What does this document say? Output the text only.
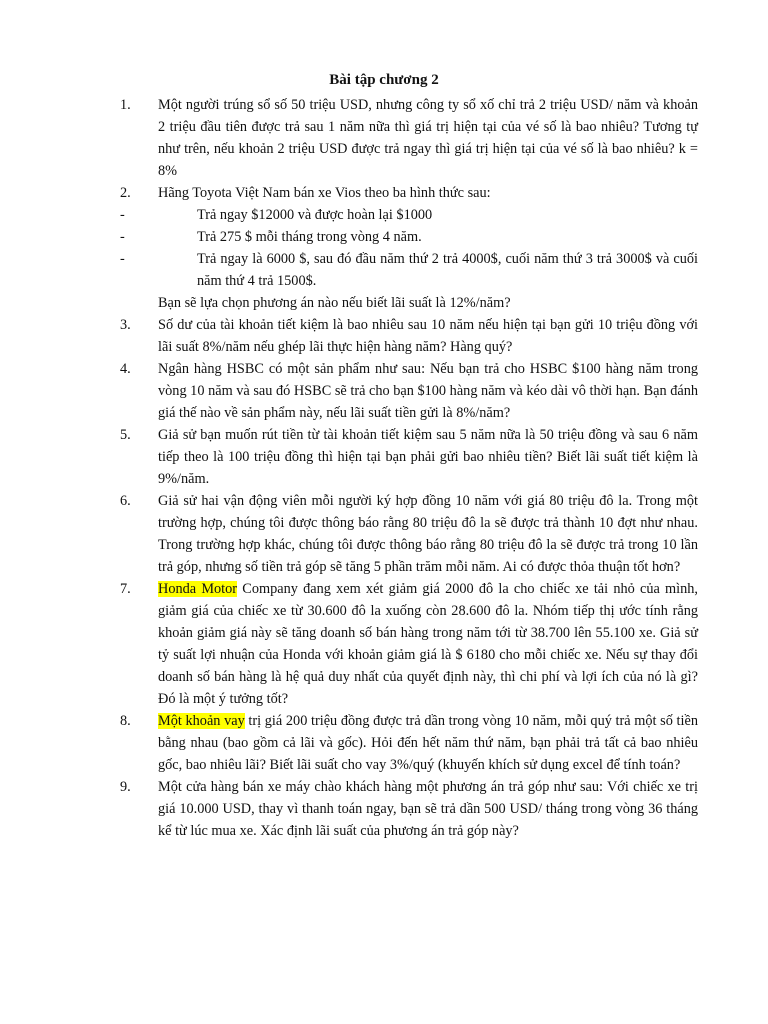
Bài tập chương 2
1.	Một người trúng sổ số 50 triệu USD, nhưng công ty sổ xố chỉ trả 2 triệu USD/ năm và khoản 2 triệu đầu tiên được trả sau 1 năm nữa thì giá trị hiện tại của vé số là bao nhiêu? Tương tự như trên, nếu khoản 2 triệu USD được trả ngay thì giá trị hiện tại của vé số là bao nhiêu? k = 8%
2.	Hãng Toyota Việt Nam bán xe Vios theo ba hình thức sau:
-	Trả ngay $12000 và được hoàn lại $1000
-	Trả 275 $ mỗi tháng trong vòng 4 năm.
-	Trả ngay là 6000 $, sau đó đầu năm thứ 2 trả 4000$, cuối năm thứ 3 trả 3000$ và cuối năm thứ 4 trả 1500$.
Bạn sẽ lựa chọn phương án nào nếu biết lãi suất là 12%/năm?
3.	Số dư của tài khoản tiết kiệm là bao nhiêu sau 10 năm nếu hiện tại bạn gửi 10 triệu đồng với lãi suất 8%/năm nếu ghép lãi thực hiện hàng năm? Hàng quý?
4.	Ngân hàng HSBC có một sản phẩm như sau: Nếu bạn trả cho HSBC $100 hàng năm trong vòng 10 năm và sau đó HSBC sẽ trả cho bạn $100 hàng năm và kéo dài vô thời hạn. Bạn đánh giá thế nào về sản phẩm này, nếu lãi suất tiền gửi là 8%/năm?
5.	Giả sử bạn muốn rút tiền từ tài khoản tiết kiệm sau 5 năm nữa là 50 triệu đồng và sau 6 năm tiếp theo là 100 triệu đồng thì hiện tại bạn phải gửi bao nhiêu tiền? Biết lãi suất tiết kiệm là 9%/năm.
6.	Giả sử hai vận động viên mỗi người ký hợp đồng 10 năm với giá 80 triệu đô la. Trong một trường hợp, chúng tôi được thông báo rằng 80 triệu đô la sẽ được trả thành 10 đợt như nhau. Trong trường hợp khác, chúng tôi được thông báo rằng 80 triệu đô la sẽ được trả trong 10 lần trả góp, nhưng số tiền trả góp sẽ tăng 5 phần trăm mỗi năm. Ai có được thỏa thuận tốt hơn?
7.	Honda Motor Company đang xem xét giảm giá 2000 đô la cho chiếc xe tải nhỏ của mình, giảm giá của chiếc xe từ 30.600 đô la xuống còn 28.600 đô la. Nhóm tiếp thị ước tính rằng khoản giảm giá này sẽ tăng doanh số bán hàng trong năm tới từ 38.700 lên 55.100 xe. Giả sử tỷ suất lợi nhuận của Honda với khoản giảm giá là $ 6180 cho mỗi chiếc xe. Nếu sự thay đổi doanh số bán hàng là hệ quả duy nhất của quyết định này, thì chi phí và lợi ích của nó là gì? Đó là một ý tưởng tốt?
8.	Một khoản vay trị giá 200 triệu đồng được trả dần trong vòng 10 năm, mỗi quý trả một số tiền bằng nhau (bao gồm cả lãi và gốc). Hỏi đến hết năm thứ năm, bạn phải trả tất cả bao nhiêu gốc, bao nhiêu lãi? Biết lãi suất cho vay 3%/quý (khuyến khích sử dụng excel để tính toán?
9.	Một cửa hàng bán xe máy chào khách hàng một phương án trả góp như sau: Với chiếc xe trị giá 10.000 USD, thay vì thanh toán ngay, bạn sẽ trả dần 500 USD/ tháng trong vòng 36 tháng kể từ lúc mua xe. Xác định lãi suất của phương án trả góp này?
